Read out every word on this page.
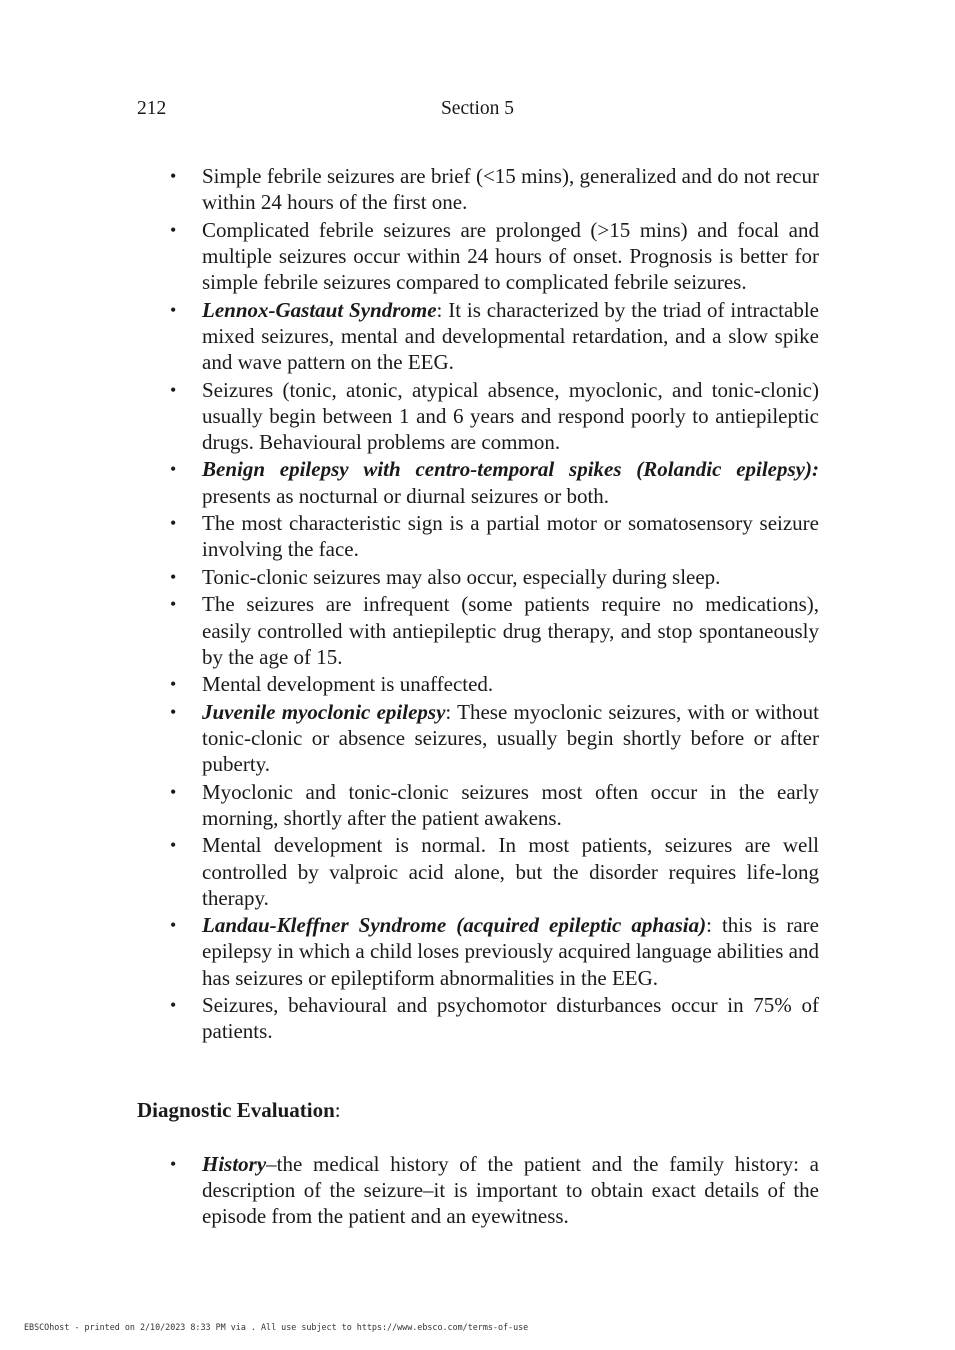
212	Section 5
• Simple febrile seizures are brief (<15 mins), generalized and do not recur within 24 hours of the first one.
• Complicated febrile seizures are prolonged (>15 mins) and focal and multiple seizures occur within 24 hours of onset. Prognosis is better for simple febrile seizures compared to complicated febrile seizures.
• Lennox-Gastaut Syndrome: It is characterized by the triad of intractable mixed seizures, mental and developmental retardation, and a slow spike and wave pattern on the EEG.
• Seizures (tonic, atonic, atypical absence, myoclonic, and tonic-clonic) usually begin between 1 and 6 years and respond poorly to antiepileptic drugs. Behavioural problems are common.
• Benign epilepsy with centro-temporal spikes (Rolandic epilepsy): presents as nocturnal or diurnal seizures or both.
• The most characteristic sign is a partial motor or somatosensory seizure involving the face.
• Tonic-clonic seizures may also occur, especially during sleep.
• The seizures are infrequent (some patients require no medications), easily controlled with antiepileptic drug therapy, and stop spontaneously by the age of 15.
• Mental development is unaffected.
• Juvenile myoclonic epilepsy: These myoclonic seizures, with or without tonic-clonic or absence seizures, usually begin shortly before or after puberty.
• Myoclonic and tonic-clonic seizures most often occur in the early morning, shortly after the patient awakens.
• Mental development is normal. In most patients, seizures are well controlled by valproic acid alone, but the disorder requires life-long therapy.
• Landau-Kleffner Syndrome (acquired epileptic aphasia): this is rare epilepsy in which a child loses previously acquired language abilities and has seizures or epileptiform abnormalities in the EEG.
• Seizures, behavioural and psychomotor disturbances occur in 75% of patients.
Diagnostic Evaluation:
• History–the medical history of the patient and the family history: a description of the seizure–it is important to obtain exact details of the episode from the patient and an eyewitness.
EBSCOhost - printed on 2/10/2023 8:33 PM via . All use subject to https://www.ebsco.com/terms-of-use
